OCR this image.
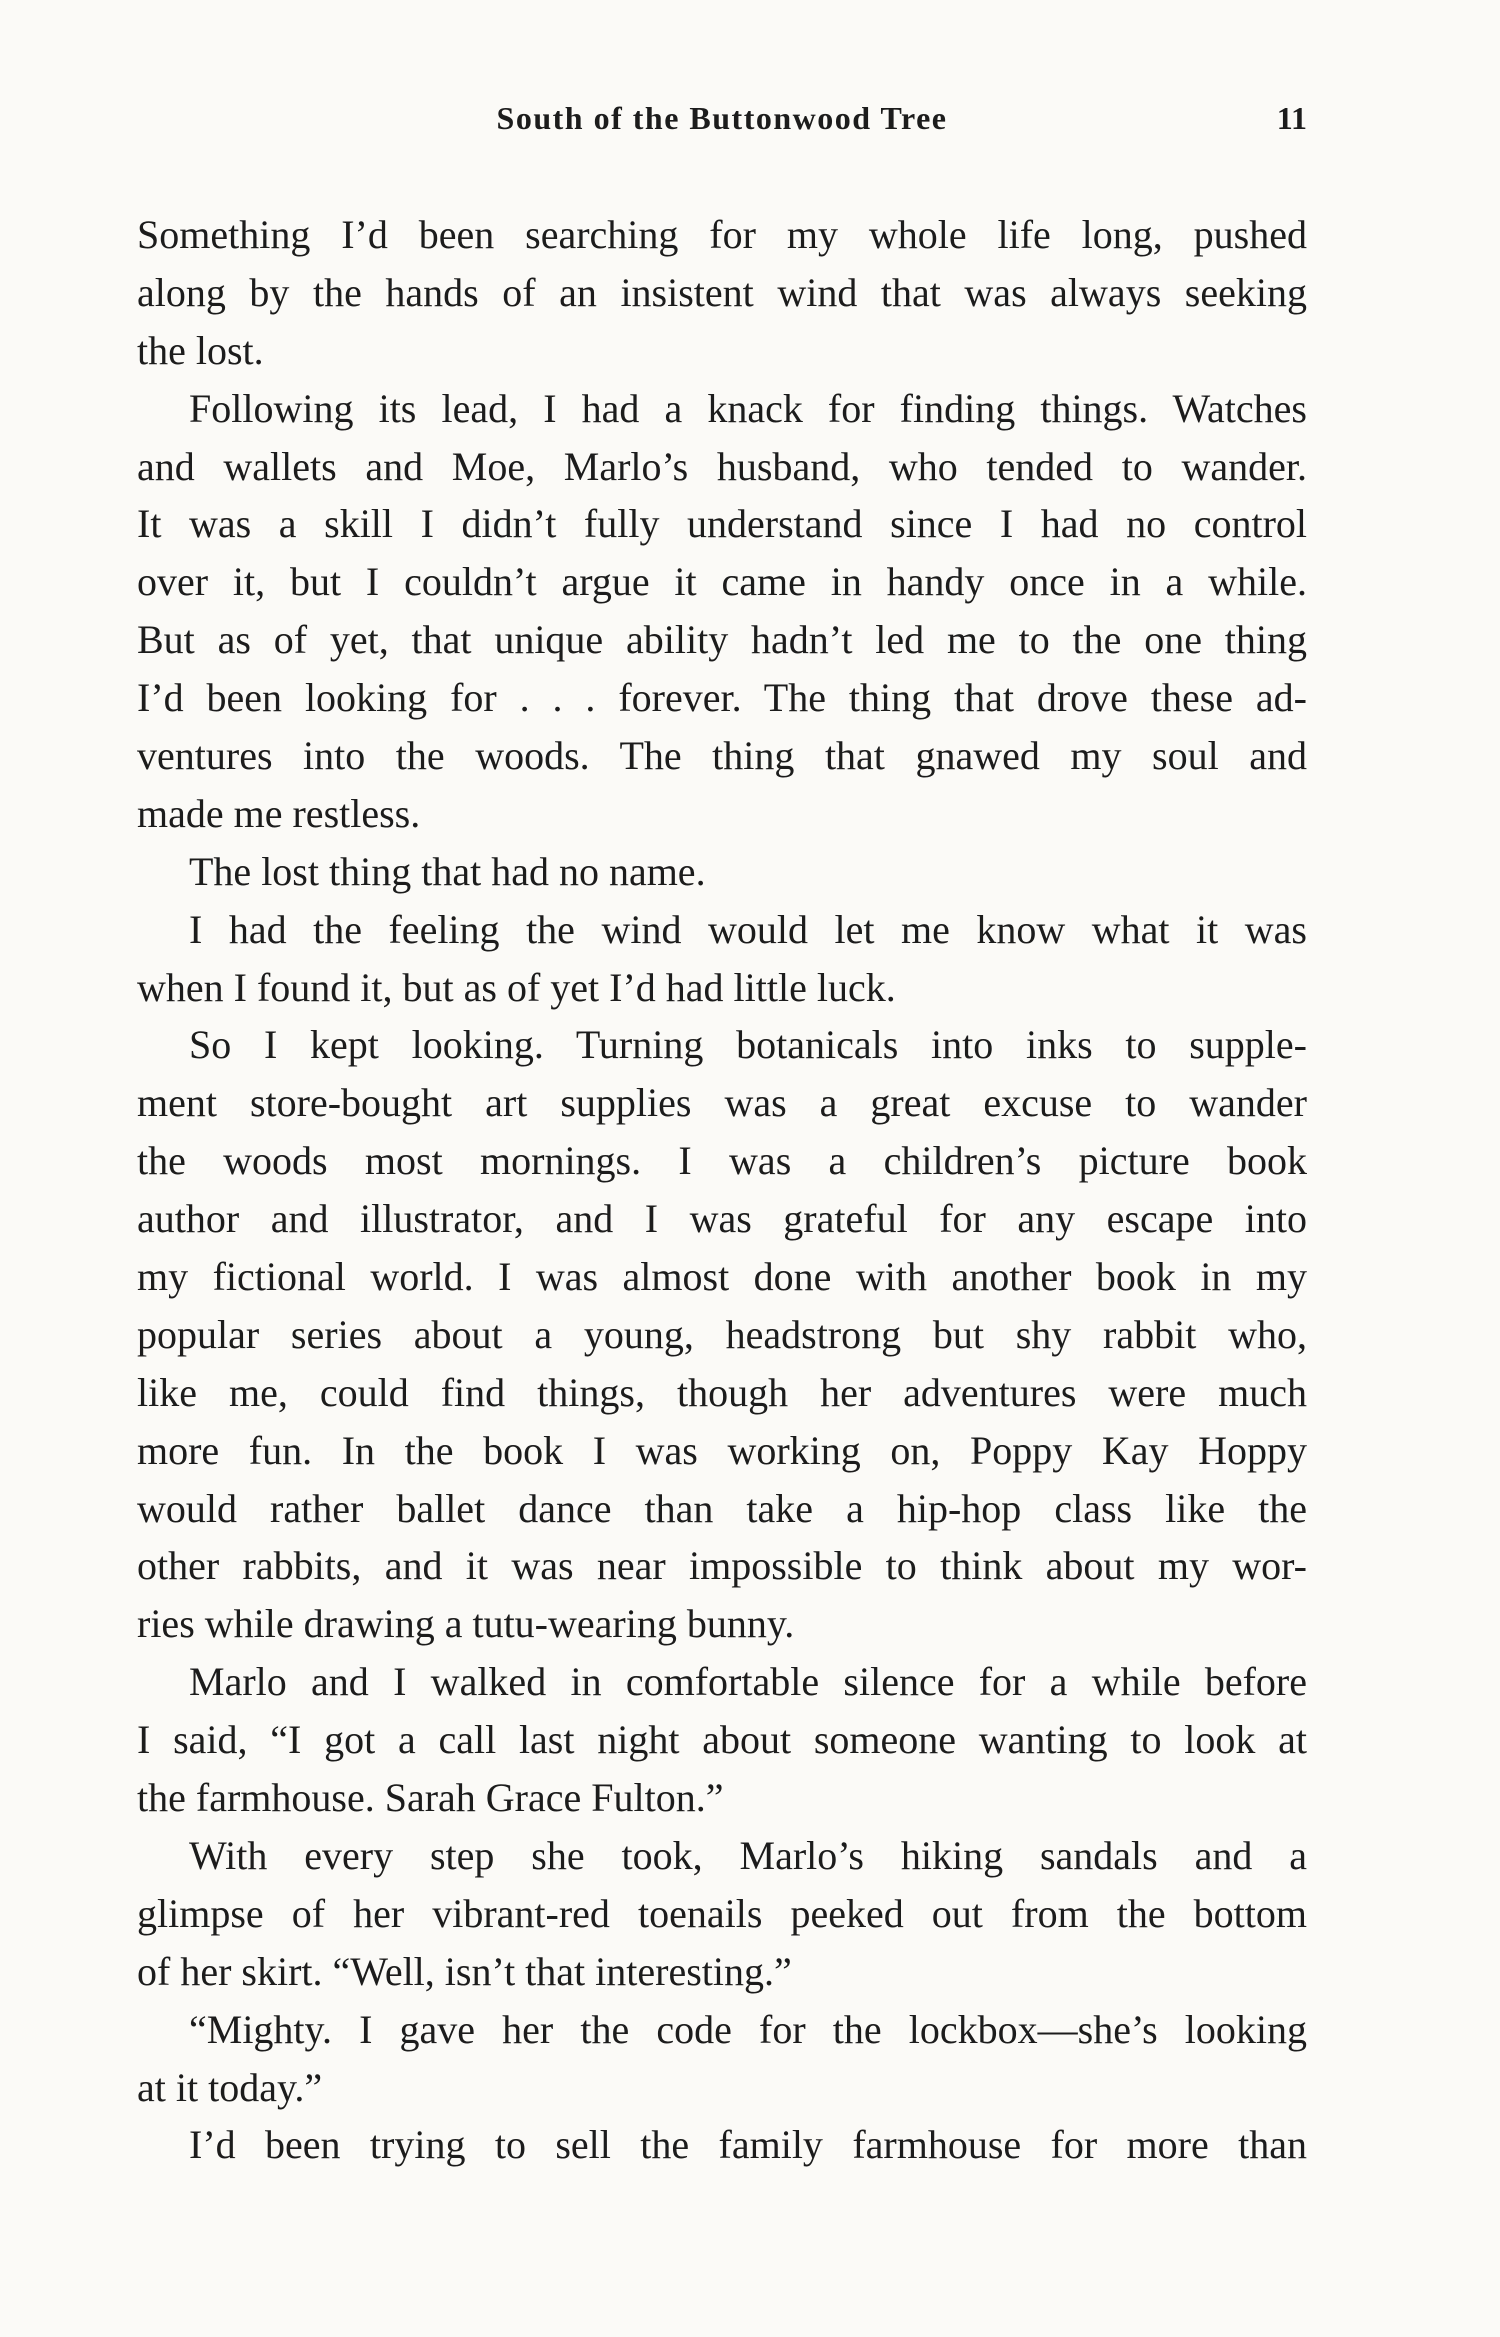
South of the Buttonwood Tree	11
Something I’d been searching for my whole life long, pushed
along by the hands of an insistent wind that was always seeking
the lost.
Following its lead, I had a knack for finding things. Watches
and wallets and Moe, Marlo’s husband, who tended to wander.
It was a skill I didn’t fully understand since I had no control
over it, but I couldn’t argue it came in handy once in a while.
But as of yet, that unique ability hadn’t led me to the one thing
I’d been looking for . . . forever. The thing that drove these ad-
ventures into the woods. The thing that gnawed my soul and
made me restless.
The lost thing that had no name.
I had the feeling the wind would let me know what it was
when I found it, but as of yet I’d had little luck.
So I kept looking. Turning botanicals into inks to supple-
ment store-bought art supplies was a great excuse to wander
the woods most mornings. I was a children’s picture book
author and illustrator, and I was grateful for any escape into
my fictional world. I was almost done with another book in my
popular series about a young, headstrong but shy rabbit who,
like me, could find things, though her adventures were much
more fun. In the book I was working on, Poppy Kay Hoppy
would rather ballet dance than take a hip-hop class like the
other rabbits, and it was near impossible to think about my wor-
ries while drawing a tutu-wearing bunny.
Marlo and I walked in comfortable silence for a while before
I said, “I got a call last night about someone wanting to look at
the farmhouse. Sarah Grace Fulton.”
With every step she took, Marlo’s hiking sandals and a
glimpse of her vibrant-red toenails peeked out from the bottom
of her skirt. “Well, isn’t that interesting.”
“Mighty. I gave her the code for the lockbox—she’s looking
at it today.”
I’d been trying to sell the family farmhouse for more than
